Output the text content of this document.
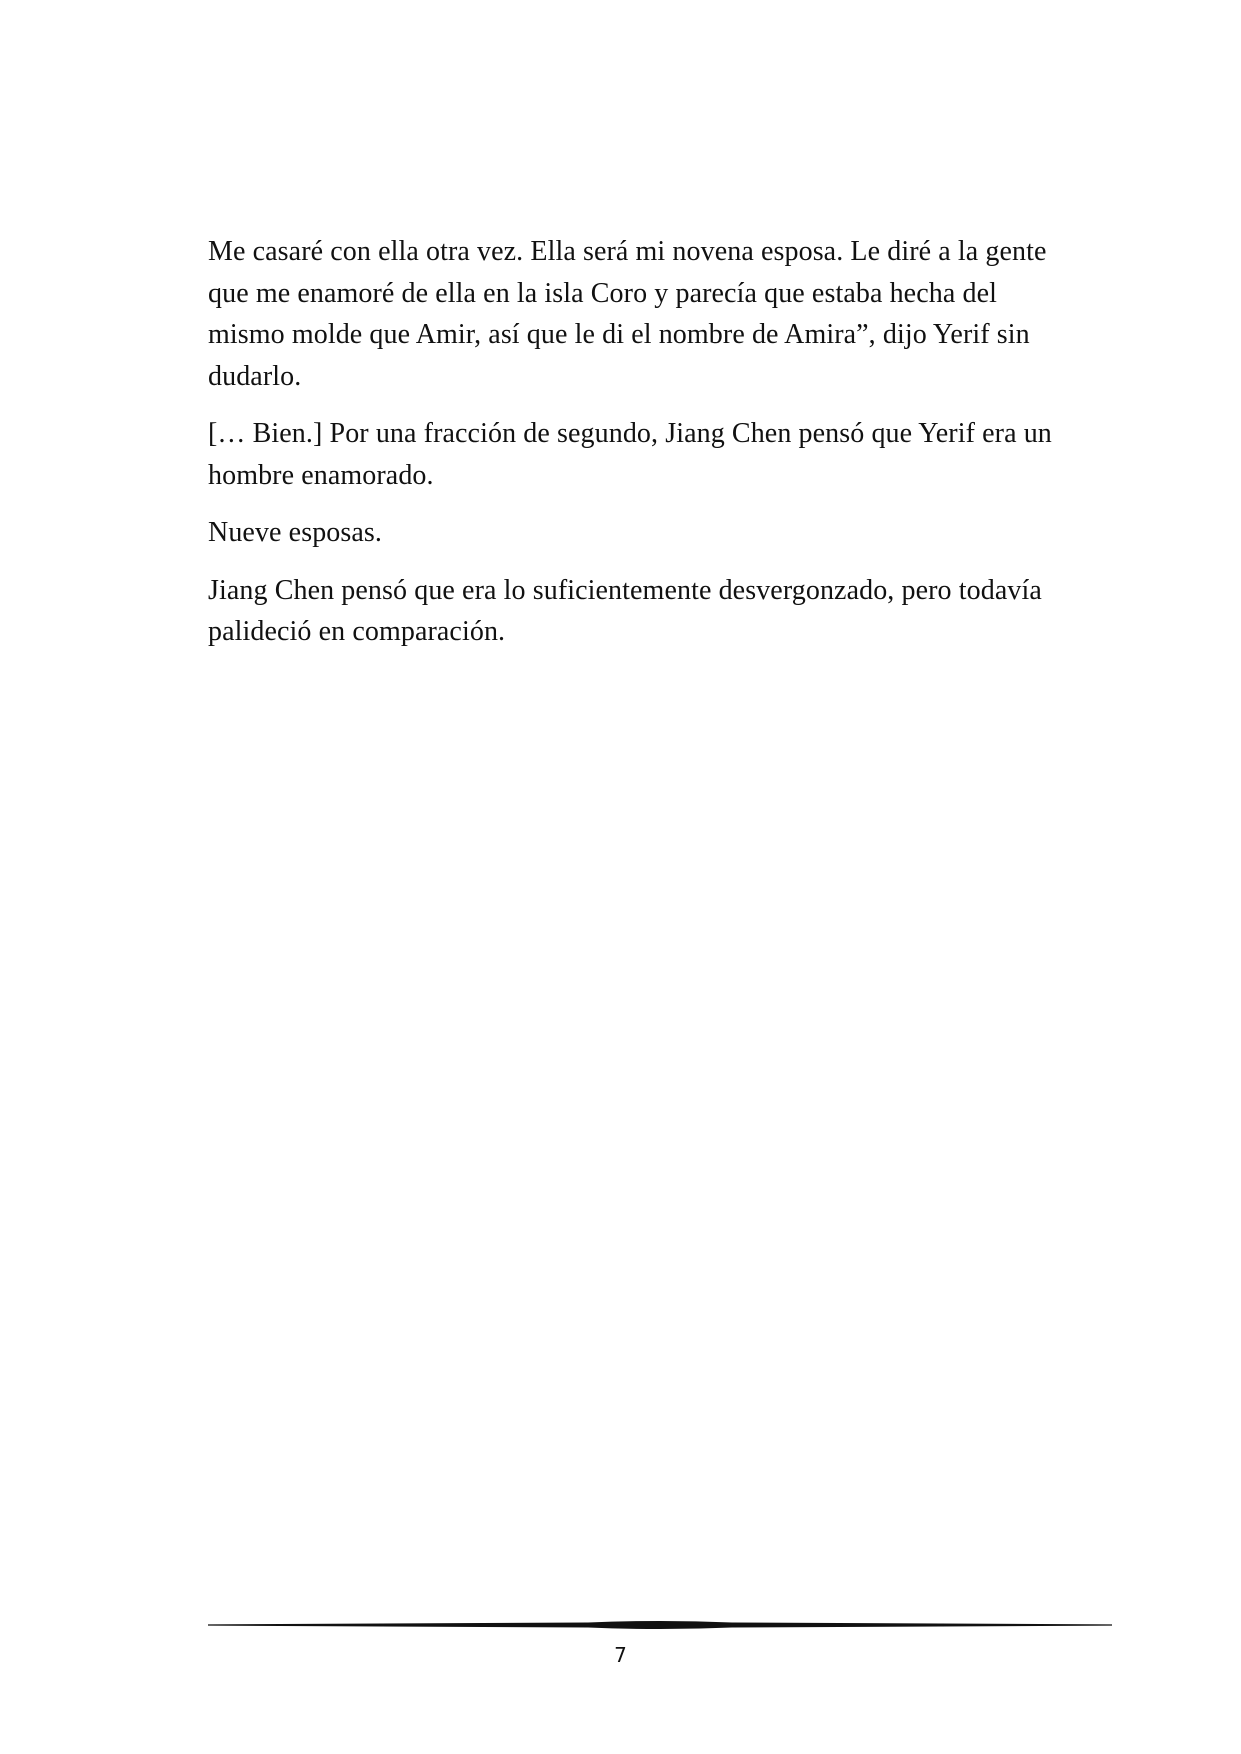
Me casaré con ella otra vez. Ella será mi novena esposa. Le diré a la gente que me enamoré de ella en la isla Coro y parecía que estaba hecha del mismo molde que Amir, así que le di el nombre de Amira”, dijo Yerif sin dudarlo.

[… Bien.] Por una fracción de segundo, Jiang Chen pensó que Yerif era un hombre enamorado.

Nueve esposas.

Jiang Chen pensó que era lo suficientemente desvergonzado, pero todavía palideció en comparación.

7
